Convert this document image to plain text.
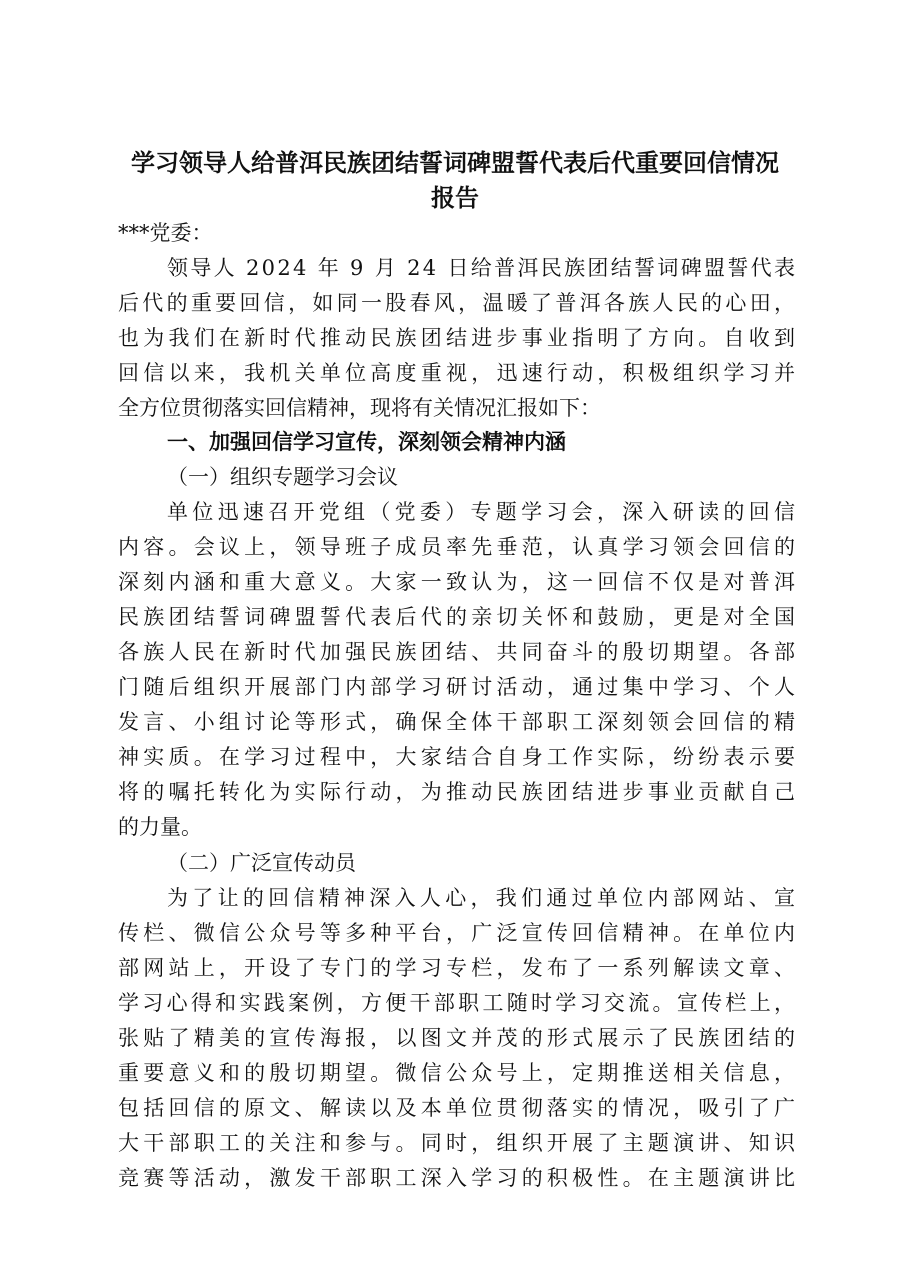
学习领导人给普洱民族团结誓词碑盟誓代表后代重要回信情况
报告

***党委：

领导人 2024 年 9 月 24 日给普洱民族团结誓词碑盟誓代表

后代的重要回信，如同一股春风，温暖了普洱各族人民的心田，

也为我们在新时代推动民族团结进步事业指明了方向。自收到

回信以来，我机关单位高度重视，迅速行动，积极组织学习并

全方位贯彻落实回信精神，现将有关情况汇报如下：

一、加强回信学习宣传，深刻领会精神内涵

（一）组织专题学习会议

单位迅速召开党组（党委）专题学习会，深入研读的回信

内容。会议上，领导班子成员率先垂范，认真学习领会回信的

深刻内涵和重大意义。大家一致认为，这一回信不仅是对普洱

民族团结誓词碑盟誓代表后代的亲切关怀和鼓励，更是对全国

各族人民在新时代加强民族团结、共同奋斗的殷切期望。各部

门随后组织开展部门内部学习研讨活动，通过集中学习、个人

发言、小组讨论等形式，确保全体干部职工深刻领会回信的精

神实质。在学习过程中，大家结合自身工作实际，纷纷表示要

将的嘱托转化为实际行动，为推动民族团结进步事业贡献自己

的力量。

（二）广泛宣传动员

为了让的回信精神深入人心，我们通过单位内部网站、宣

传栏、微信公众号等多种平台，广泛宣传回信精神。在单位内

部网站上，开设了专门的学习专栏，发布了一系列解读文章、

学习心得和实践案例，方便干部职工随时学习交流。宣传栏上，

张贴了精美的宣传海报，以图文并茂的形式展示了民族团结的

重要意义和的殷切期望。微信公众号上，定期推送相关信息，

包括回信的原文、解读以及本单位贯彻落实的情况，吸引了广

大干部职工的关注和参与。同时，组织开展了主题演讲、知识

竞赛等活动，激发干部职工深入学习的积极性。在主题演讲比
